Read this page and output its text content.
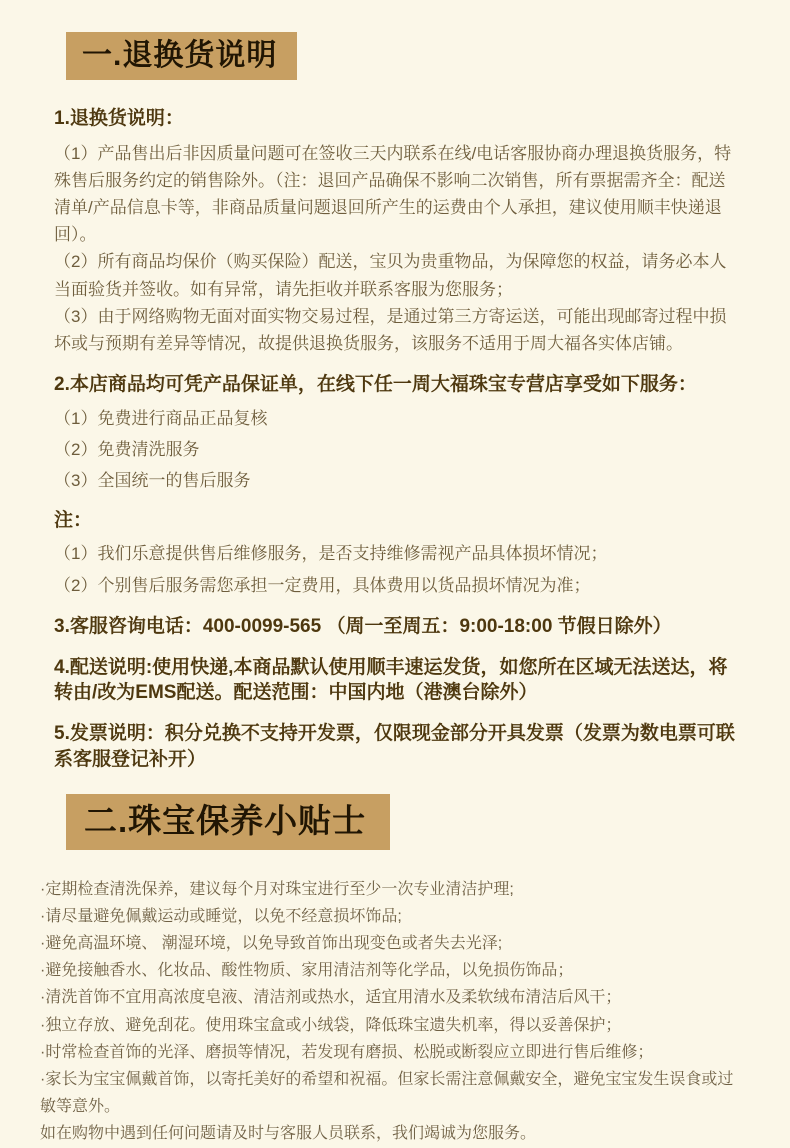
一.退换货说明
1.退换货说明：

（1）产品售出后非因质量问题可在签收三天内联系在线/电话客服协商办理退换货服务，特殊售后服务约定的销售除外。（注：退回产品确保不影响二次销售，所有票据需齐全：配送清单/产品信息卡等，非商品质量问题退回所产生的运费由个人承担，建议使用顺丰快递退回）。

（2）所有商品均保价（购买保险）配送，宝贝为贵重物品，为保障您的权益，请务必本人当面验货并签收。如有异常，请先拒收并联系客服为您服务；

（3）由于网络购物无面对面实物交易过程，是通过第三方寄运送，可能出现邮寄过程中损坏或与预期有差异等情况，故提供退换货服务，该服务不适用于周大福各实体店铺。

2.本店商品均可凭产品保证单，在线下任一周大福珠宝专营店享受如下服务：

（1）免费进行商品正品复核

（2）免费清洗服务

（3）全国统一的售后服务

注：

（1）我们乐意提供售后维修服务，是否支持维修需视产品具体损坏情况；

（2）个别售后服务需您承担一定费用，具体费用以货品损坏情况为准；

3.客服咨询电话：400-0099-565 （周一至周五：9:00-18:00 节假日除外）
4.配送说明:使用快递,本商品默认使用顺丰速运发货，如您所在区域无法送达，将转由/改为EMS配送。配送范围：中国内地（港澳台除外）
5.发票说明：积分兑换不支持开发票，仅限现金部分开具发票（发票为数电票可联系客服登记补开）
二.珠宝保养小贴士

·定期检查清洗保养，建议每个月对珠宝进行至少一次专业清洁护理;

·请尽量避免佩戴运动或睡觉，以免不经意损坏饰品;

·避免高温环境、 潮湿环境，以免导致首饰出现变色或者失去光泽;

·避免接触香水、化妆品、酸性物质、家用清洁剂等化学品，以免损伤饰品；

·清洗首饰不宜用高浓度皂液、清洁剂或热水，适宜用清水及柔软绒布清洁后风干；

·独立存放、避免刮花。使用珠宝盒或小绒袋，降低珠宝遗失机率，得以妥善保护；

·时常检查首饰的光泽、磨损等情况，若发现有磨损、松脱或断裂应立即进行售后维修；

·家长为宝宝佩戴首饰，以寄托美好的希望和祝福。但家长需注意佩戴安全，避免宝宝发生误食或过敏等意外。

如在购物中遇到任何问题请及时与客服人员联系，我们竭诚为您服务。
